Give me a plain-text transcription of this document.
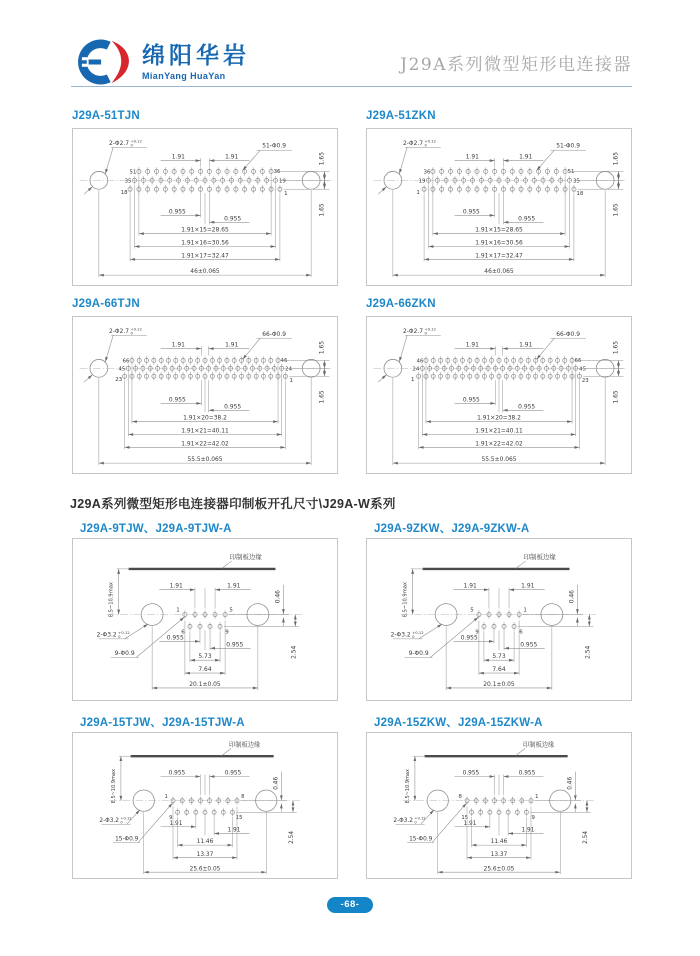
绵阳华岩
MianYang HuaYan
J29A系列微型矩形电连接器
J29A-51TJN
51	36
35	19
18	1
1.91	1.91
2-Φ2.7 +0.12
0	51-Φ0.9
1.65
1.65
0.955
0.955
1.91×15=28.65
1.91×16=30.56
1.91×17=32.47
46±0.065
J29A-51ZKN
36	51
19	35
1	18
1.91	1.91
2-Φ2.7 +0.12
0	51-Φ0.9
1.65
1.65
0.955
0.955
1.91×15=28.65
1.91×16=30.56
1.91×17=32.47
46±0.065
J29A-66TJN
66	46
45	24
23	1
1.91	1.91
2-Φ2.7 +0.12
0	66-Φ0.9
1.65
1.65
0.955
0.955
1.91×20=38.2
1.91×21=40.11
1.91×22=42.02
55.5±0.065
J29A-66ZKN
46	66
24	45
1	23
1.91	1.91
2-Φ2.7 +0.12
0	66-Φ0.9
1.65
1.65
0.955
0.955
1.91×20=38.2
1.91×21=40.11
1.91×22=42.02
55.5±0.065
J29A系列微型矩形电连接器印制板开孔尺寸\J29A-W系列
J29A-9TJW、J29A-9TJW-A
印制板边缘
8.5~10.9max	1	5
6	9
1.91	1.91
0.955
0.955
2-Φ3.2 +0.12
0
9-Φ0.9
0.46
2.54
5.73
7.64
20.1±0.05
J29A-9ZKW、J29A-9ZKW-A
印制板边缘
8.5~10.9max	5	1
9	6
1.91	1.91
0.955
0.955
2-Φ3.2 +0.12
0
9-Φ0.9
0.46
2.54
5.73
7.64
20.1±0.05
J29A-15TJW、J29A-15TJW-A
印制板边缘
8.5~10.9max	1	8
9	15
0.955	0.955
1.91
1.91
2-Φ3.2 +0.12
0
15-Φ0.9
0.46
2.54
11.46
13.37
25.6±0.05
J29A-15ZKW、J29A-15ZKW-A
印制板边缘
8.5~10.9max	8	1
15	9
0.955	0.955
1.91
1.91
2-Φ3.2 +0.12
0
15-Φ0.9
0.46
2.54
11.46
13.37
25.6±0.05
-68-
